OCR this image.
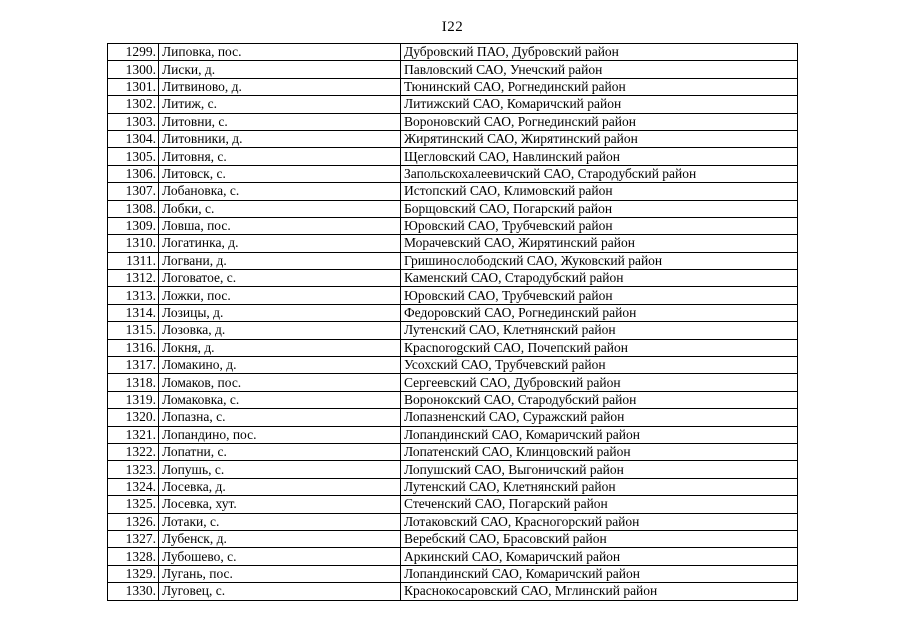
I22
1299.	Липовка, пос.	Дубровский ПАО, Дубровский район
1300.	Лиски, д.	Павловский САО, Унечский район
1301.	Литвиново, д.	Тюнинский САО, Рогнединский район
1302.	Литиж, с.	Литижский САО, Комаричский район
1303.	Литовни, с.	Вороновский САО, Рогнединский район
1304.	Литовники, д.	Жирятинский САО, Жирятинский район
1305.	Литовня, с.	Щегловский САО, Навлинский район
1306.	Литовск, с.	Запольскохалеевичский САО, Стародубский район
1307.	Лобановка, с.	Истопский САО, Климовский район
1308.	Лобки, с.	Борщовский САО, Погарский район
1309.	Ловша, пос.	Юровский САО, Трубчевский район
1310.	Логатинка, д.	Морачевский САО, Жирятинский район
1311.	Логвани, д.	Гришинослободский САО, Жуковский район
1312.	Логоватое, с.	Каменский САО, Стародубский район
1313.	Ложки, пос.	Юровский САО, Трубчевский район
1314.	Лозицы, д.	Федоровский САО, Рогнединский район
1315.	Лозовка, д.	Лутенский САО, Клетнянский район
1316.	Локня, д.	Красnorogский САО, Почепский район
1317.	Ломакино, д.	Усохский САО, Трубчевский район
1318.	Ломаков, пос.	Сергеевский САО, Дубровский район
1319.	Ломаковка, с.	Воронокский САО, Стародубский район
1320.	Лопазна, с.	Лопазненский САО, Суражский район
1321.	Лопандино, пос.	Лопандинский САО, Комаричский район
1322.	Лопатни, с.	Лопатенский САО, Клинцовский район
1323.	Лопушь, с.	Лопушский САО, Выгоничский район
1324.	Лосевка, д.	Лутенский САО, Клетнянский район
1325.	Лосевка, хут.	Стеченский САО, Погарский район
1326.	Лотаки, с.	Лотаковский САО, Красногорский район
1327.	Лубенск, д.	Веребский САО, Брасовский район
1328.	Лубошево, с.	Аркинский САО, Комаричский район
1329.	Лугань, пос.	Лопандинский САО, Комаричский район
1330.	Луговец, с.	Краснокосаровский САО, Мглинский район
